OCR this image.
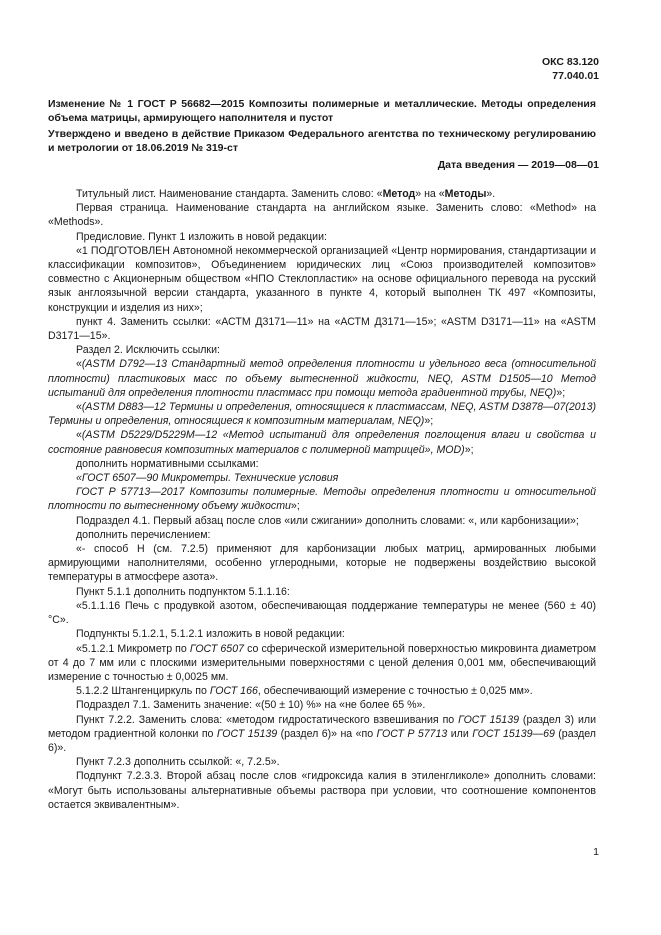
ОКС 83.120
77.040.01
Изменение № 1 ГОСТ Р 56682—2015 Композиты полимерные и металлические. Методы определения объема матрицы, армирующего наполнителя и пустот
Утверждено и введено в действие Приказом Федерального агентства по техническому регулированию и метрологии от 18.06.2019 № 319-ст
Дата введения — 2019—08—01

Титульный лист. Наименование стандарта. Заменить слово: «Метод» на «Методы».

Первая страница. Наименование стандарта на английском языке. Заменить слово: «Method» на «Methods».

Предисловие. Пункт 1 изложить в новой редакции:

«1 ПОДГОТОВЛЕН Автономной некоммерческой организацией «Центр нормирования, стандартизации и классификации композитов», Объединением юридических лиц «Союз производителей композитов» совместно с Акционерным обществом «НПО Стеклопластик» на основе официального перевода на русский язык англоязычной версии стандарта, указанного в пункте 4, который выполнен ТК 497 «Композиты, конструкции и изделия из них»;

пункт 4. Заменить ссылки: «АСТМ Д3171—11» на «АСТМ Д3171—15»; «ASTM D3171—11» на «ASTM D3171—15».

Раздел 2. Исключить ссылки:

«(ASTM D792—13 Стандартный метод определения плотности и удельного веса (относительной плотности) пластиковых масс по объему вытесненной жидкости, NEQ, ASTM D1505—10 Метод испытаний для определения плотности пластмасс при помощи метода градиентной трубы, NEQ)»;

«(ASTM D883—12 Термины и определения, относящиеся к пластмассам, NEQ, ASTM D3878—07(2013) Термины и определения, относящиеся к композитным материалам, NEQ)»;

«(ASTM D5229/D5229M—12 «Метод испытаний для определения поглощения влаги и свойства и состояние равновесия композитных материалов с полимерной матрицей», MOD)»;

дополнить нормативными ссылками:

«ГОСТ 6507—90 Микрометры. Технические условия

ГОСТ Р 57713—2017 Композиты полимерные. Методы определения плотности и относительной плотности по вытесненному объему жидкости»;

Подраздел 4.1. Первый абзац после слов «или сжигании» дополнить словами: «, или карбонизации»;

дополнить перечислением:

«- способ H (см. 7.2.5) применяют для карбонизации любых матриц, армированных любыми армирующими наполнителями, особенно углеродными, которые не подвержены воздействию высокой температуры в атмосфере азота».

Пункт 5.1.1 дополнить подпунктом 5.1.1.16:

«5.1.1.16 Печь с продувкой азотом, обеспечивающая поддержание температуры не менее (560 ± 40) °С».

Подпункты 5.1.2.1, 5.1.2.1 изложить в новой редакции:

«5.1.2.1 Микрометр по ГОСТ 6507 со сферической измерительной поверхностью микровинта диаметром от 4 до 7 мм или с плоскими измерительными поверхностями с ценой деления 0,001 мм, обеспечивающий измерение с точностью ± 0,0025 мм.

5.1.2.2 Штангенциркуль по ГОСТ 166, обеспечивающий измерение с точностью ± 0,025 мм».

Подраздел 7.1. Заменить значение: «(50 ± 10) %» на «не более 65 %».

Пункт 7.2.2. Заменить слова: «методом гидростатического взвешивания по ГОСТ 15139 (раздел 3) или методом градиентной колонки по ГОСТ 15139 (раздел 6)» на «по ГОСТ Р 57713 или ГОСТ 15139—69 (раздел 6)».

Пункт 7.2.3 дополнить ссылкой: «, 7.2.5».

Подпункт 7.2.3.3. Второй абзац после слов «гидроксида калия в этиленгликоле» дополнить словами: «Могут быть использованы альтернативные объемы раствора при условии, что соотношение компонентов остается эквивалентным».

1
